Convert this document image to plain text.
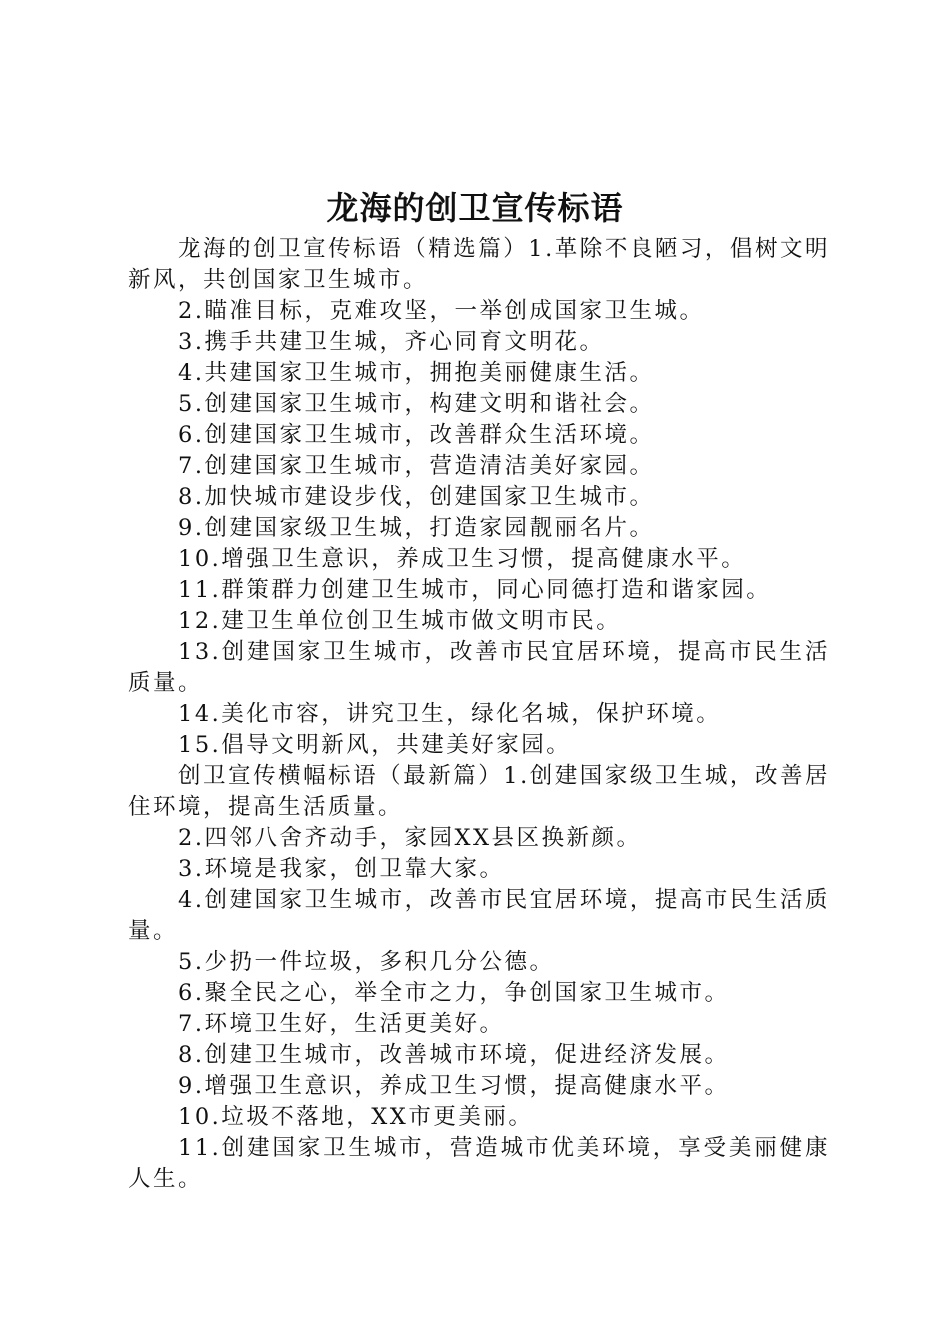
龙海的创卫宣传标语

龙海的创卫宣传标语（精选篇）1.革除不良陋习，倡树文明新风，共创国家卫生城市。

2.瞄准目标，克难攻坚，一举创成国家卫生城。

3.携手共建卫生城，齐心同育文明花。

4.共建国家卫生城市，拥抱美丽健康生活。

5.创建国家卫生城市，构建文明和谐社会。

6.创建国家卫生城市，改善群众生活环境。

7.创建国家卫生城市，营造清洁美好家园。

8.加快城市建设步伐，创建国家卫生城市。

9.创建国家级卫生城，打造家园靓丽名片。

10.增强卫生意识，养成卫生习惯，提高健康水平。

11.群策群力创建卫生城市，同心同德打造和谐家园。

12.建卫生单位创卫生城市做文明市民。

13.创建国家卫生城市，改善市民宜居环境，提高市民生活质量。

14.美化市容，讲究卫生，绿化名城，保护环境。

15.倡导文明新风，共建美好家园。

创卫宣传横幅标语（最新篇）1.创建国家级卫生城，改善居住环境，提高生活质量。

2.四邻八舍齐动手，家园XX县区换新颜。

3.环境是我家，创卫靠大家。

4.创建国家卫生城市，改善市民宜居环境，提高市民生活质量。

5.少扔一件垃圾，多积几分公德。

6.聚全民之心，举全市之力，争创国家卫生城市。

7.环境卫生好，生活更美好。

8.创建卫生城市，改善城市环境，促进经济发展。

9.增强卫生意识，养成卫生习惯，提高健康水平。

10.垃圾不落地，XX市更美丽。

11.创建国家卫生城市，营造城市优美环境，享受美丽健康人生。
